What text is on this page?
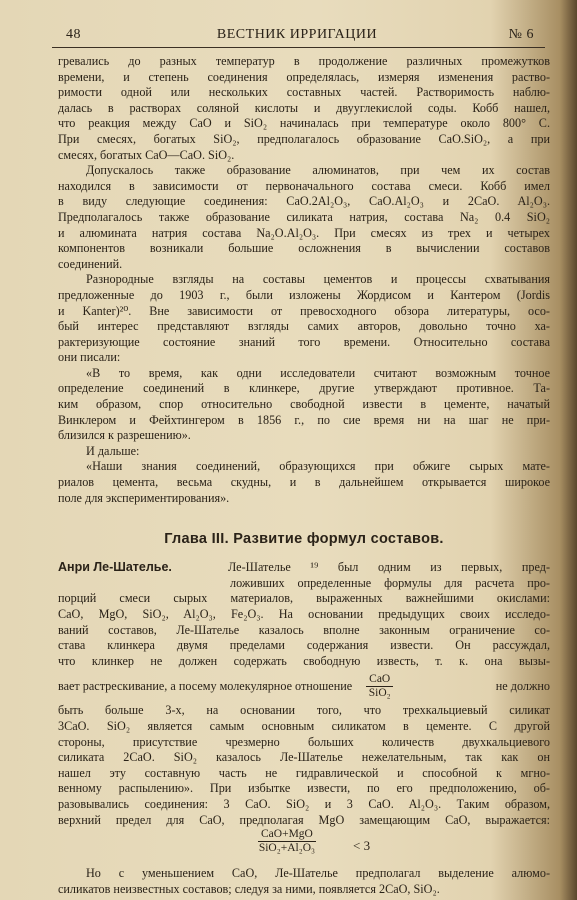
48	ВЕСТНИК ИРРИГАЦИИ	№ 6
гревались до разных температур в продолжение различных промежутков
времени, и степень соединения определялась, измеряя изменения раство-
римости одной или нескольких составных частей. Растворимость наблю-
далась в растворах соляной кислоты и двууглекислой соды. Кобб нашел,
что реакция между CaO и SiO₂ начиналась при температуре около 800° C.
При смесях, богатых SiO₂, предполагалось образование CaO.SiO₂, а при
смесях, богатых CaO—CaO. SiO₂.
Допускалось также образование алюминатов, при чем их состав
находился в зависимости от первоначального состава смеси. Кобб имел
в виду следующие соединения: CaO.2Al₂O₃, CaO.Al₂O₃ и 2CaO. Al₂O₃.
Предполагалось также образование силиката натрия, состава Na₂ 0.4 SiO₂
и алюмината натрия состава Na₂O.Al₂O₃. При смесях из трех и четырех
компонентов возникали большие осложнения в вычислении составов
соединений.
Разнородные взгляды на составы цементов и процессы схватывания
предложенные до 1903 г., были изложены Жордисом и Кантером (Jordis
и Kanter)²⁰. Вне зависимости от превосходного обзора литературы, осо-
бый интерес представляют взгляды самих авторов, довольно точно ха-
рактеризующие состояние знаний того времени. Относительно состава
они писали:
«В то время, как одни исследователи считают возможным точное
определение соединений в клинкере, другие утверждают противное. Та-
ким образом, спор относительно свободной извести в цементе, начатый
Винклером и Фейхтингером в 1856 г., по сие время ни на шаг не при-
близился к разрешению».
И дальше:
«Наши знания соединений, образующихся при обжиге сырых мате-
риалов цемента, весьма скудны, и в дальнейшем открывается широкое
поле для экспериментирования».
Глава III. Развитие формул составов.
Анри Ле-Шателье.	Ле-Шателье ¹⁹ был одним из первых, пред-
ложивших определенные формулы для расчета про-
порций смеси сырых материалов, выраженных важнейшими окислами:
CaO, MgO, SiO₂, Al₂O₃, Fe₂O₃. На основании предыдущих своих исследо-
ваний составов, Ле-Шателье казалось вполне законным ограничение со-
става клинкера двумя пределами содержания извести. Он рассуждал,
что клинкер не должен содержать свободную известь, т. к. она вызы-
вает растрескивание, а посему молекулярное отношение $\frac{\text{CaO}}{\text{SiO₂}}$	не должно
быть больше 3-х, на основании того, что трехкальциевый силикат
3CaO. SiO₂ является самым основным силикатом в цементе. С другой
стороны, присутствие чрезмерно больших количеств двухкальциевого
силиката 2CaO. SiO₂ казалось Ле-Шателье нежелательным, так как он
нашел эту составную часть не гидравлической и способной к мгно-
венному распылению». При избытке извести, по его предположению, об-
разовывались соединения: 3 CaO. SiO₂ и 3 CaO. Al₂O₃. Таким образом,
верхний предел для CaO, предполагая MgO замещающим CaO, выражается:
CaO+MgO
SiO₂+Al₂O₃	< 3
Но с уменьшением CaO, Ле-Шателье предполагал выделение алюмо-
силикатов неизвестных составов; следуя за ними, появляется 2CaO, SiO₂.
